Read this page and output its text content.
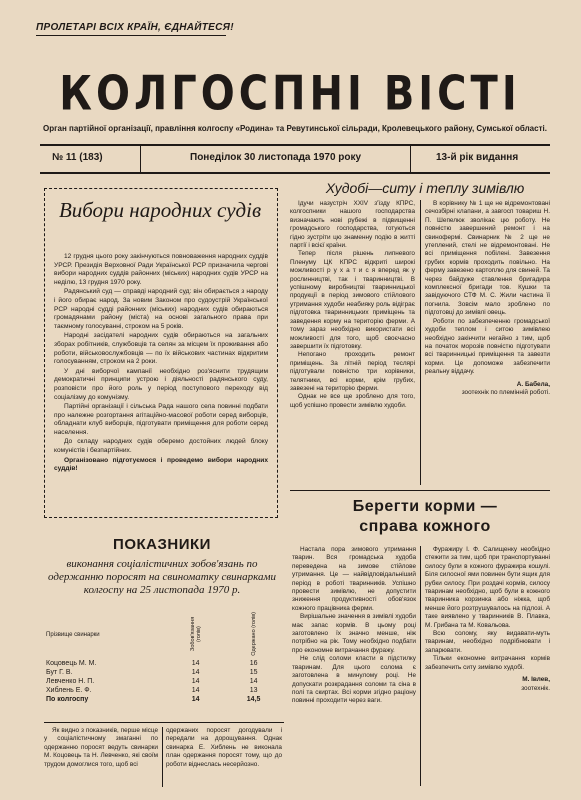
ПРОЛЕТАРІ ВСІХ КРАЇН, ЄДНАЙТЕСЯ!
КОЛГОСПНІ ВІСТІ
Орган партійної організації, правління колгоспу «Родина» та Ревутинської сільради, Кролевецького району, Сумської області.
№ 11 (183)	Понеділок 30 листопада 1970 року	13-й рік видання
Вибори народних судів

12 грудня цього року закінчуються повноваження народних суддів УРСР. Президія Верховної Ради Української РСР призначила чергові вибори народних суддів районних (міських) народних судів УРСР на неділю, 13 грудня 1970 року.

Радянський суд — справді народний суд: він обирається з народу і його обирає народ. За новим Законом про судоустрій Української РСР народні судді районних (міських) народних судів обираються громадянами району (міста) на основі загального права при таємному голосуванні, строком на 5 років.

Народні засідателі народних судів обираються на загальних зборах робітників, службовців та селян за місцем їх проживання або роботи, військовослужбовців — по їх військових частинах відкритим голосуванням, строком на 2 роки.

У дні виборчої кампанії необхідно роз'яснити трудящим демократичні принципи устрою і діяльності радянського суду, розповісти про його роль у період поступового переходу від соціалізму до комунізму.

Партійні організації і сільська Рада нашого села повинні подбати про належне розгортання агітаційно-масової роботи серед виборців, обладнати клуб виборців, підготувати приміщення для роботи серед населення.

До складу народних судів оберемо достойних людей блоку комуністів і безпартійних.

Організовано підготуємося і проведемо вибори народних суддів!

Худобі—ситу і теплу зимівлю

Ідучи назустріч XXIV з'їзду КПРС, колгоспники нашого господарства визначають нові рубежі в підвищенні громадського господарства, готуються гідно зустріти цю знаменну подію в житті партії і всієї країни.

Тепер після рішень липневого Пленуму ЦК КПРС відкриті широкі можливості р у х а т и с я вперед як у рослинництві, так і тваринництві. В успішному виробництві тваринницької продукції в період зимового стійлового утримання худоби неабияку роль відіграє підготовка тваринницьких приміщень та заведення корму на територію ферми. А тому зараз необхідно використати всі можливості для того, щоб своєчасно завершити їх підготовку.

Непогано проходить ремонт приміщень. За літній період теслярі підготували повністю три корівники, телятники, всі корми, крім грубих, завезені на територію ферми.

Однак не все ще зроблено для того, щоб успішно провести зимівлю худоби.

В корівнику № 1 ще не відремонтовані сечозбірні клапани, а завгосп товариш Н. П. Шепелюк зволікає цю роботу. Не повністю завершений ремонт і на свинофермі. Свинарник № 2 ще не утеплений, стелі не відремонтовані. Не всі приміщення побілені. Завезення грубих кормів проходить повільно. На ферму завезено картоплю для свиней. Та через байдуже ставлення бригадира комплексної бригади тов. Кушки та завідуючого СТФ М. С. Жили частина її погнила. Зовсім мало зроблено по підготовці до зимівлі овець.

Роботи по забезпеченню громадської худоби теплом і ситою зимівлею необхідно закінчити негайно з тим, щоб на початок морозів повністю підготувати всі тваринницькі приміщення та завезти корми. Це допоможе забезпечити реальну віддачу.

А. Бабела,
зоотехнік по племінній роботі.
Берегти корми —
справа кожного

Настала пора зимового утримання тварин. Вся громадська худоба переведена на зимове стійлове утримання. Це — найвідповідальніший період в роботі тваринників. Успішно провести зимівлю, не допустити зниження продуктивності обов'язок кожного працівника ферми.

Вирішальне значення в зимівлі худоби має запас кормів. В цьому році заготовлено їх значно менше, ніж потрібно на рік. Тому необхідно подбати про економне витрачання фуражу.

Не слід соломи класти в підстилку тваринам. Для цього солома є заготовлена в минулому році. Не допускати розкрадання соломи та сіна в полі та скиртах. Всі корми згідно раціону повинні проходити через ваги.

Фуражиру І. Ф. Салищенку необхідно стежити за тим, щоб при транспортуванні силосу були в кожного фуражира кошулі. Біля силосної ями повинен бути ящик для рубки силосу. При роздачі кормів, силосу тваринам необхідно, щоб були в кожного тваринника корзинка або ніжка, щоб менше його розтрушувалось на підлозі. А таке виявлено у тваринників В. Плавка, М. Грибана та М. Ковальова.

Всю солому, яку видавати-муть тваринам, необхідно подрібнювати і запарювати.

Тільки економне витрачання кормів забезпечить ситу зимівлю худобі.

М. Івлев,
зоотехнік.
ПОКАЗНИКИ
виконання соціалістичних зобов'язань по одержанню поросят на свиноматку свинарками колгоспу на 25 листопада 1970 р.
Прізвище свинарки	Зобов'язання (голів)	Одержано (голів)
Коцовець М. М.	14	16
Бут Г. В.	14	15
Левченко Н. П.	14	14
Хиблень Е. Ф.	14	13
По колгоспу	14	14,5
Як видно з показників, перше місце у соціалістичному змаганні по одержанню поросят ведуть свинарки М. Коцовець та Н. Левченко, які своїм трудом домоглися того, щоб всі
одержаних поросят догодували і передали на дорощування. Однак свинарка Е. Хиблень не виконала план одержання поросят тому, що до роботи віднеслась несерйозно.
